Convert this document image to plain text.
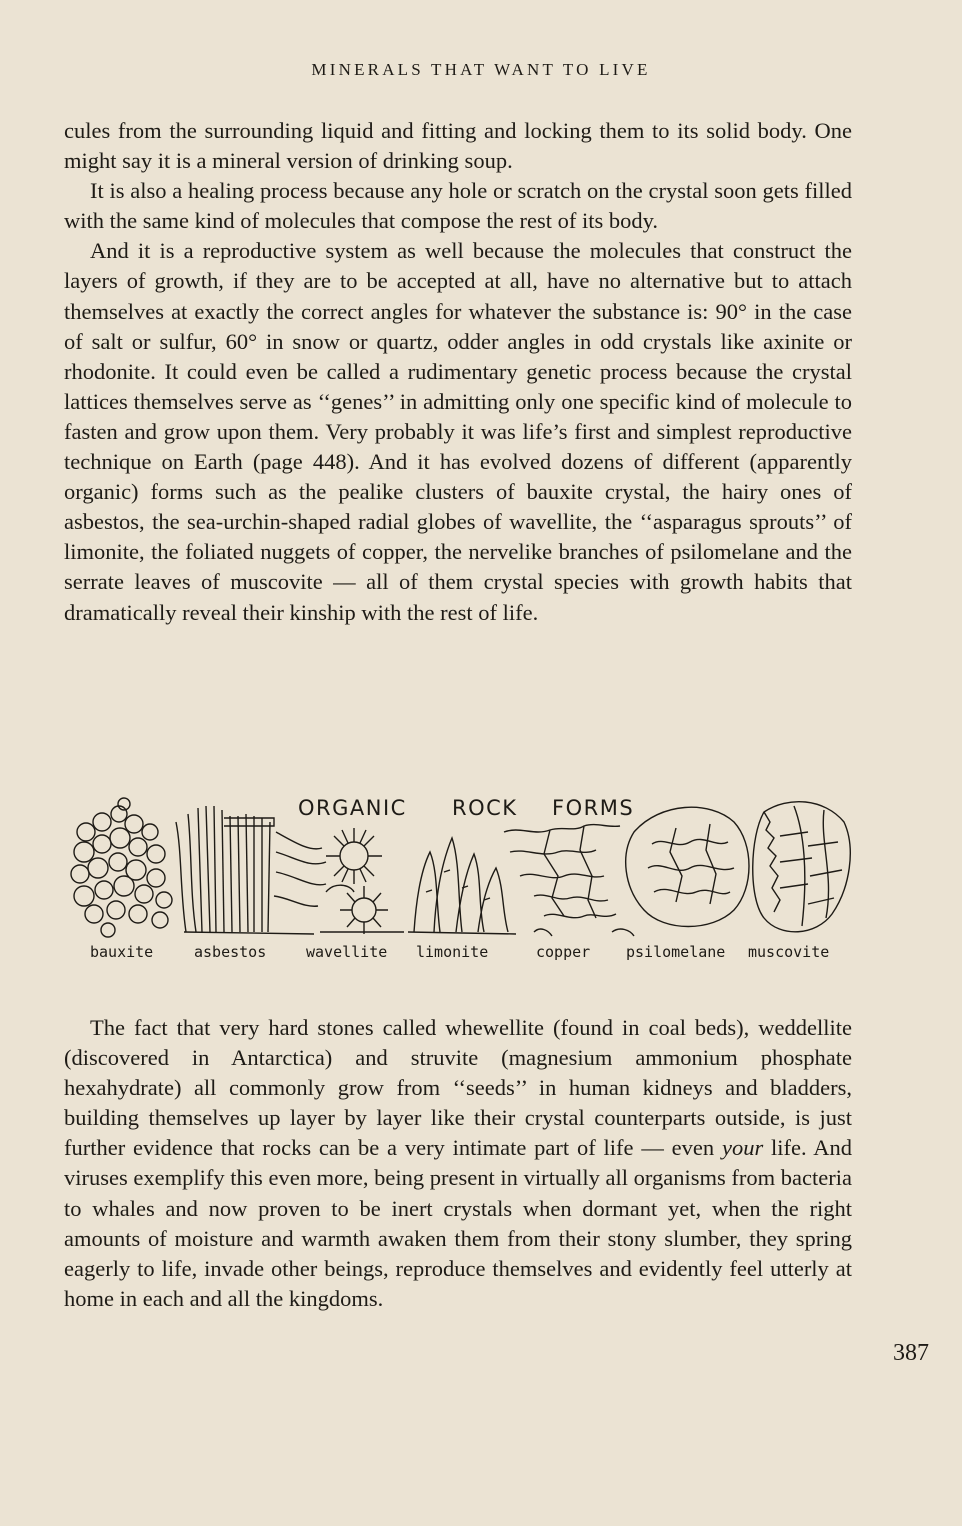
MINERALS THAT WANT TO LIVE

cules from the surrounding liquid and fitting and locking them to its solid body. One might say it is a mineral version of drinking soup.

It is also a healing process because any hole or scratch on the crystal soon gets filled with the same kind of molecules that compose the rest of its body.

And it is a reproductive system as well because the molecules that construct the layers of growth, if they are to be accepted at all, have no alternative but to attach themselves at exactly the correct angles for whatever the substance is: 90° in the case of salt or sulfur, 60° in snow or quartz, odder angles in odd crystals like axinite or rhodonite. It could even be called a rudimentary genetic process because the crystal lattices themselves serve as ‘‘genes’’ in admitting only one specific kind of molecule to fasten and grow upon them. Very probably it was life’s first and simplest reproductive technique on Earth (page 448). And it has evolved dozens of different (apparently organic) forms such as the pealike clusters of bauxite crystal, the hairy ones of asbestos, the sea-urchin-shaped radial globes of wavellite, the ‘‘asparagus sprouts’’ of limonite, the foliated nuggets of copper, the nervelike branches of psilomelane and the serrate leaves of muscovite — all of them crystal species with growth habits that dramatically reveal their kinship with the rest of life.

ORGANIC ROCK FORMS
bauxite	asbestos	wavellite limonite	copper psilomelane muscovite

The fact that very hard stones called whewellite (found in coal beds), weddellite (discovered in Antarctica) and struvite (magnesium ammonium phosphate hexahydrate) all commonly grow from ‘‘seeds’’ in human kidneys and bladders, building themselves up layer by layer like their crystal counterparts outside, is just further evidence that rocks can be a very intimate part of life — even your life. And viruses exemplify this even more, being present in virtually all organisms from bacteria to whales and now proven to be inert crystals when dormant yet, when the right amounts of moisture and warmth awaken them from their stony slumber, they spring eagerly to life, invade other beings, reproduce themselves and evidently feel utterly at home in each and all the kingdoms.

387
